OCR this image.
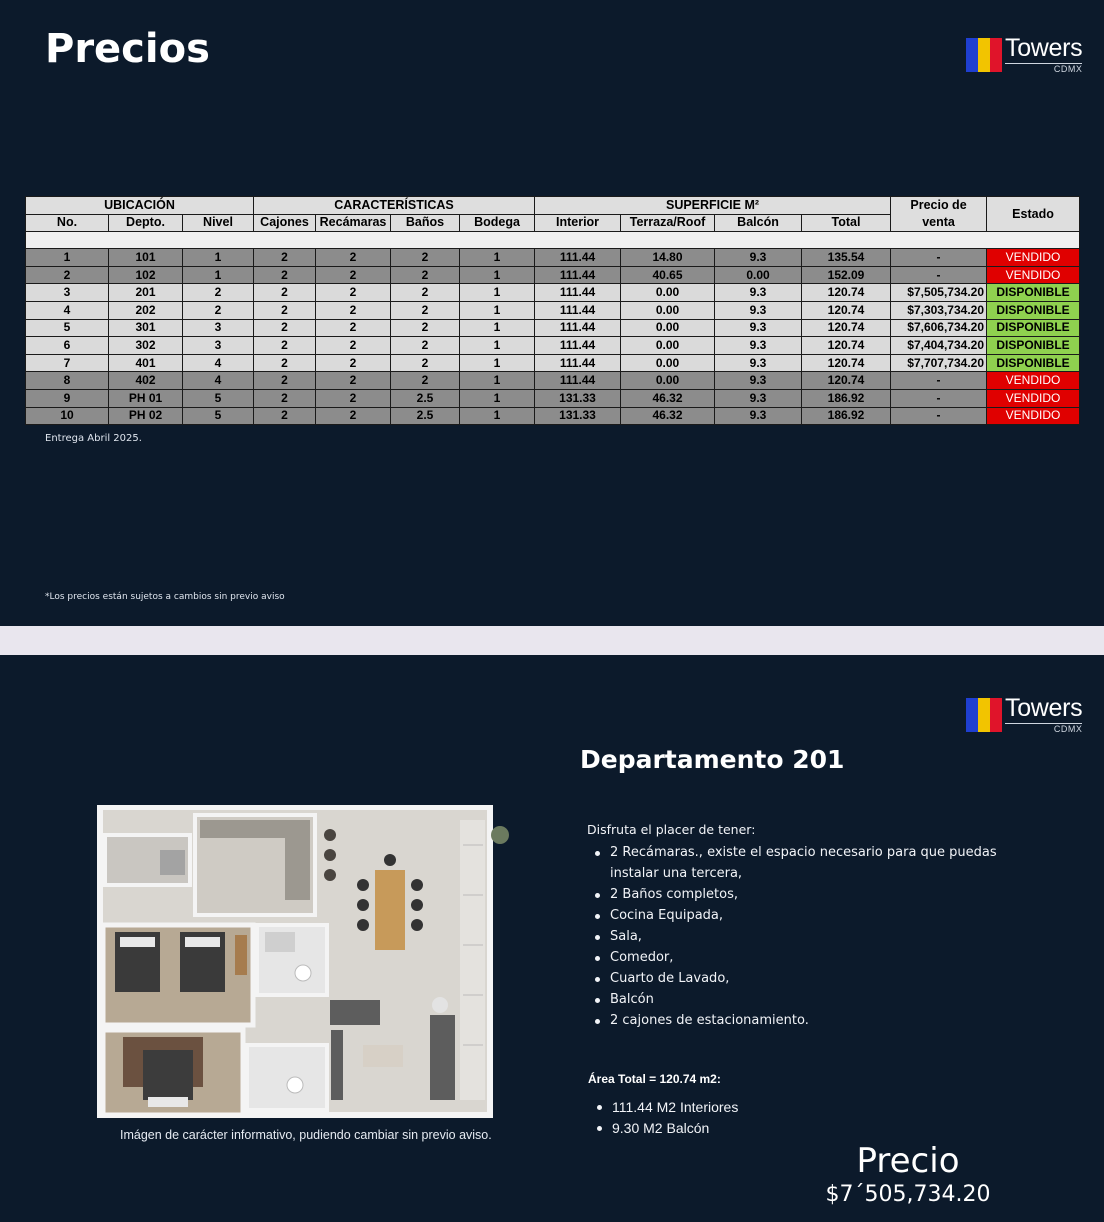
Precios	Towers
CDMX
UBICACIÓN			CARACTERÍSTICAS				SUPERFICIE M²				Precio de venta	Estado
No.	Depto.	Nivel	Cajones	Recámaras	Baños	Bodega	Interior	Terraza/Roof	Balcón	Total		

1	101	1	2	2	2	1	111.44	14.80	9.3	135.54	-	VENDIDO
2	102	1	2	2	2	1	111.44	40.65	0.00	152.09	-	VENDIDO
3	201	2	2	2	2	1	111.44	0.00	9.3	120.74	$7,505,734.20	DISPONIBLE
4	202	2	2	2	2	1	111.44	0.00	9.3	120.74	$7,303,734.20	DISPONIBLE
5	301	3	2	2	2	1	111.44	0.00	9.3	120.74	$7,606,734.20	DISPONIBLE
6	302	3	2	2	2	1	111.44	0.00	9.3	120.74	$7,404,734.20	DISPONIBLE
7	401	4	2	2	2	1	111.44	0.00	9.3	120.74	$7,707,734.20	DISPONIBLE
8	402	4	2	2	2	1	111.44	0.00	9.3	120.74	-	VENDIDO
9	PH 01	5	2	2	2.5	1	131.33	46.32	9.3	186.92	-	VENDIDO
10	PH 02	5	2	2	2.5	1	131.33	46.32	9.3	186.92	-	VENDIDO
Entrega Abril 2025.
*Los precios están sujetos a cambios sin previo aviso
Towers
CDMX
Departamento 201
Imágen de carácter informativo, pudiendo cambiar sin previo aviso.
Disfruta el placer de tener:
2 Recámaras., existe el espacio necesario para que puedas instalar una tercera,
2 Baños completos,
Cocina Equipada,
Sala,
Comedor,
Cuarto de Lavado,
Balcón
2 cajones de estacionamiento.
Área Total = 120.74 m2:
111.44 M2 Interiores
9.30 M2 Balcón
Precio
$7´505,734.20
